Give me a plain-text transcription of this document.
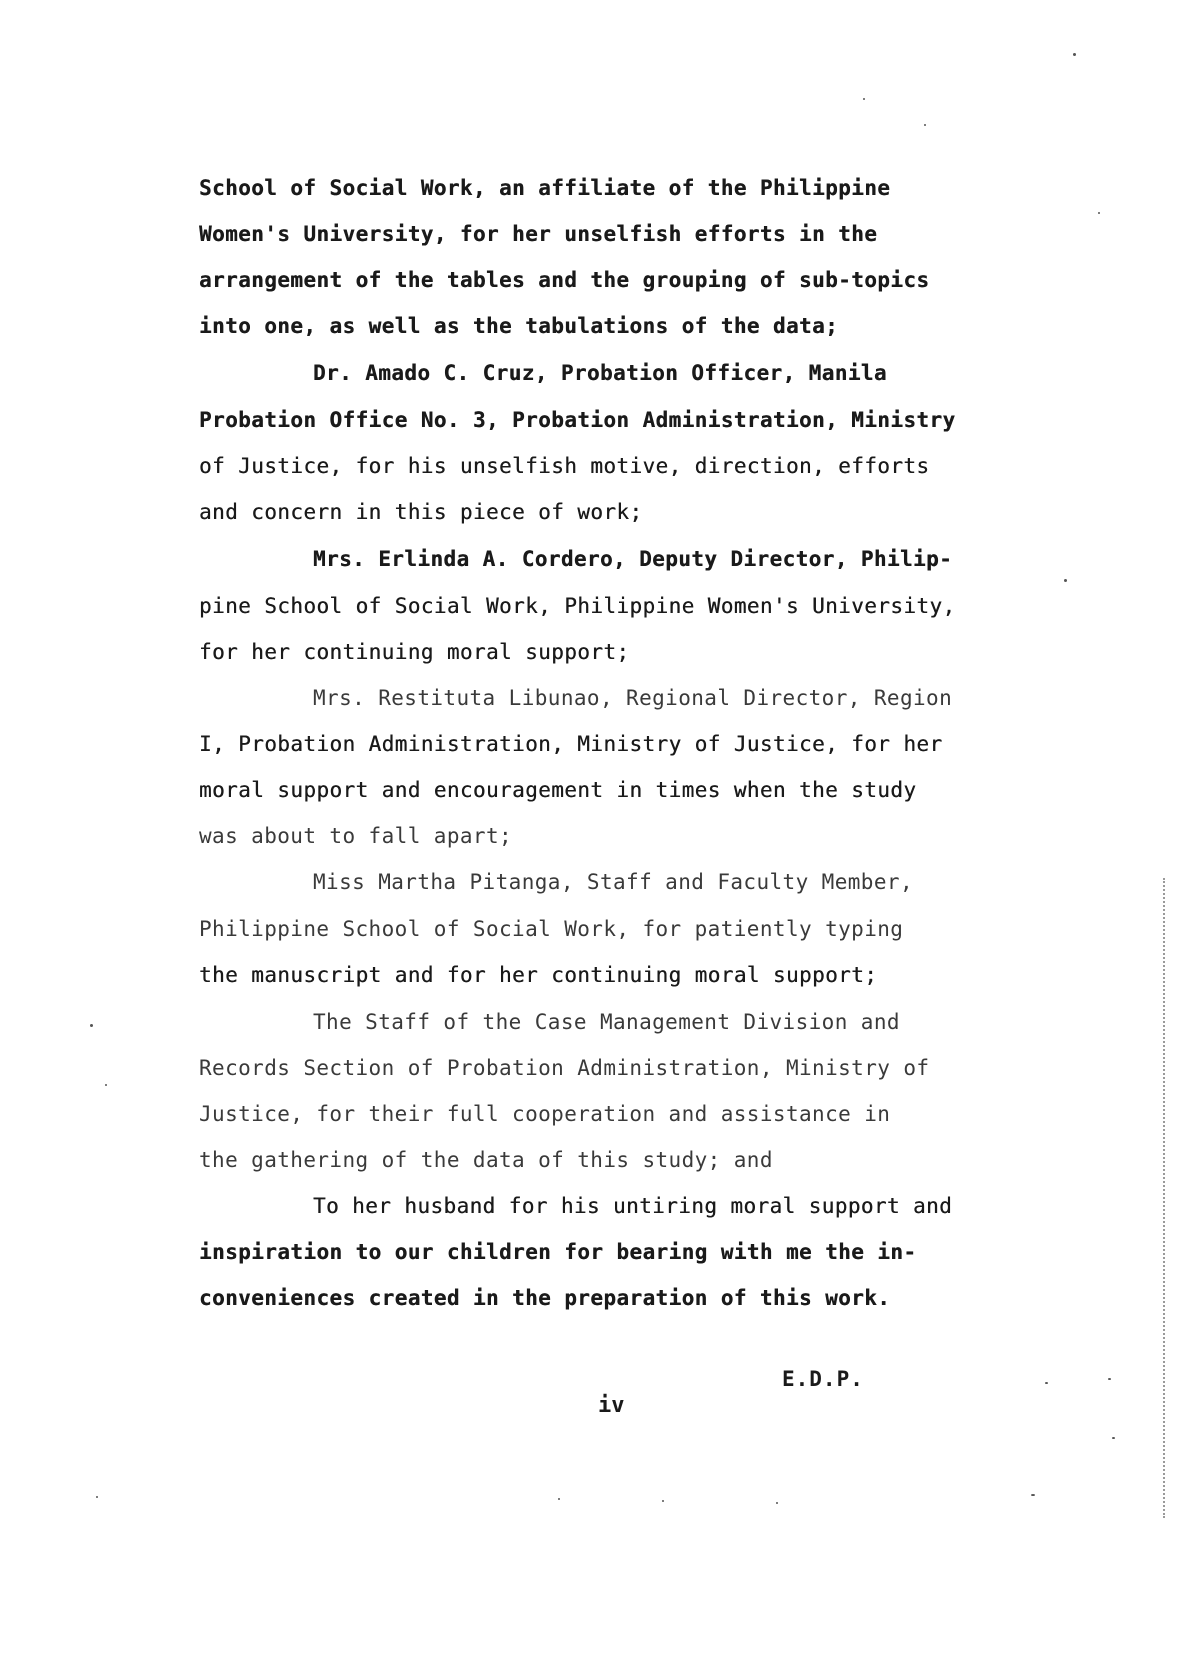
School of Social Work, an affiliate of the Philippine
Women's University, for her unselfish efforts in the
arrangement of the tables and the grouping of sub-topics
into one, as well as the tabulations of the data;
Dr. Amado C. Cruz, Probation Officer, Manila
Probation Office No. 3, Probation Administration, Ministry
of Justice, for his unselfish motive, direction, efforts
and concern in this piece of work;
Mrs. Erlinda A. Cordero, Deputy Director, Philip-
pine School of Social Work, Philippine Women's University,
for her continuing moral support;
Mrs. Restituta Libunao, Regional Director, Region
I, Probation Administration, Ministry of Justice, for her
moral support and encouragement in times when the study
was about to fall apart;
Miss Martha Pitanga, Staff and Faculty Member,
Philippine School of Social Work, for patiently typing
the manuscript and for her continuing moral support;
The Staff of the Case Management Division and
Records Section of Probation Administration, Ministry of
Justice, for their full cooperation and assistance in
the gathering of the data of this study; and
To her husband for his untiring moral support and
inspiration to our children for bearing with me the in-
conveniences created in the preparation of this work.
E.D.P.
iv
